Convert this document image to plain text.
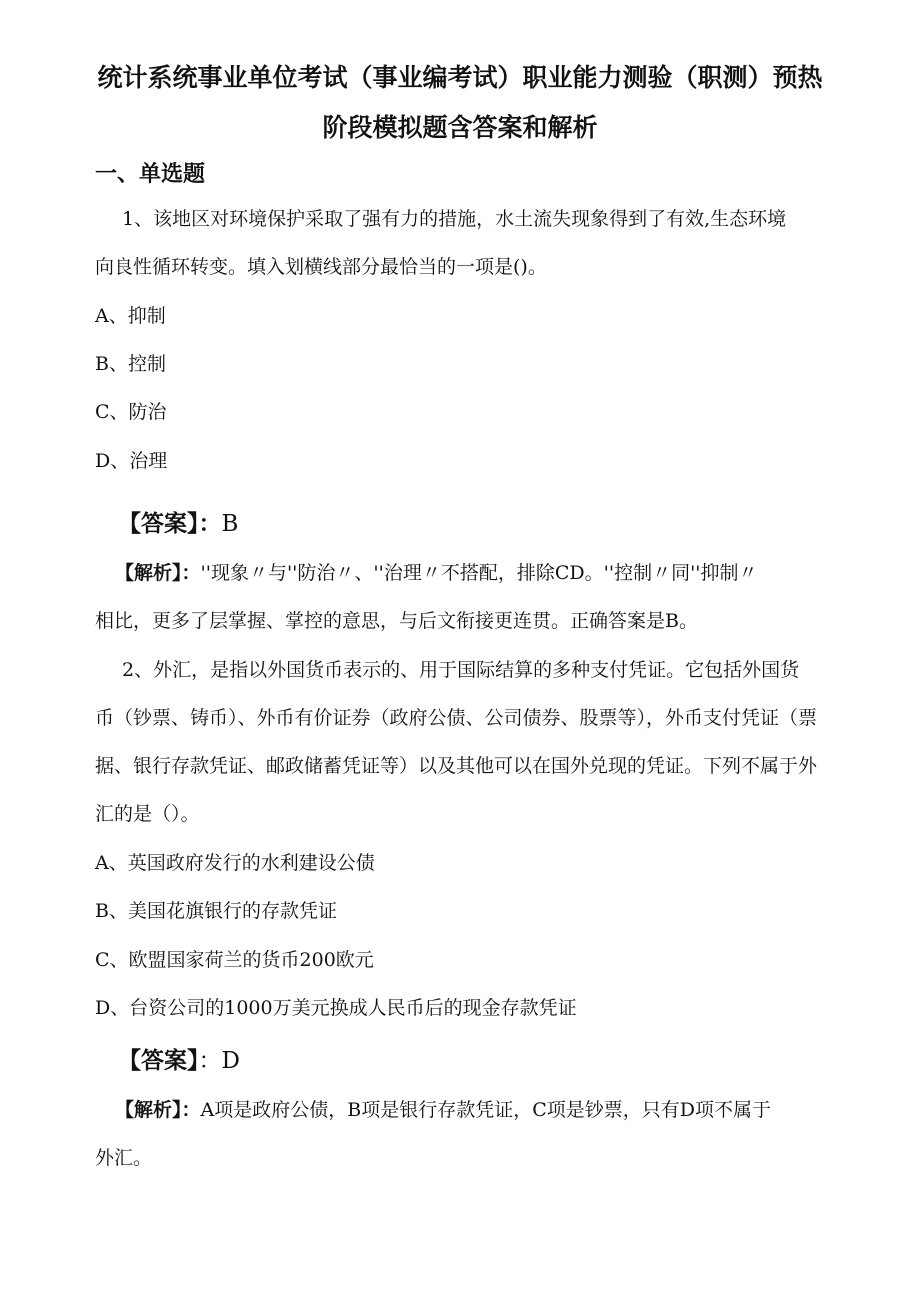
统计系统事业单位考试（事业编考试）职业能力测验（职测）预热
阶段模拟题含答案和解析
一、单选题
1、该地区对环境保护采取了强有力的措施，水土流失现象得到了有效,生态环境
向良性循环转变。填入划横线部分最恰当的一项是()。
A、抑制
B、控制
C、防治
D、治理
【答案】：B
【解析】：''现象〃与''防治〃、''治理〃不搭配，排除CD。''控制〃同''抑制〃
相比，更多了层掌握、掌控的意思，与后文衔接更连贯。正确答案是B。
2、外汇，是指以外国货币表示的、用于国际结算的多种支付凭证。它包括外国货
币（钞票、铸币）、外币有价证券（政府公债、公司债券、股票等），外币支付凭证（票
据、银行存款凭证、邮政储蓄凭证等）以及其他可以在国外兑现的凭证。下列不属于外
汇的是（）。
A、英国政府发行的水利建设公债
B、美国花旗银行的存款凭证
C、欧盟国家荷兰的货币200欧元
D、台资公司的1000万美元换成人民币后的现金存款凭证
【答案】：D
【解析】：A项是政府公债，B项是银行存款凭证，C项是钞票，只有D项不属于
外汇。
